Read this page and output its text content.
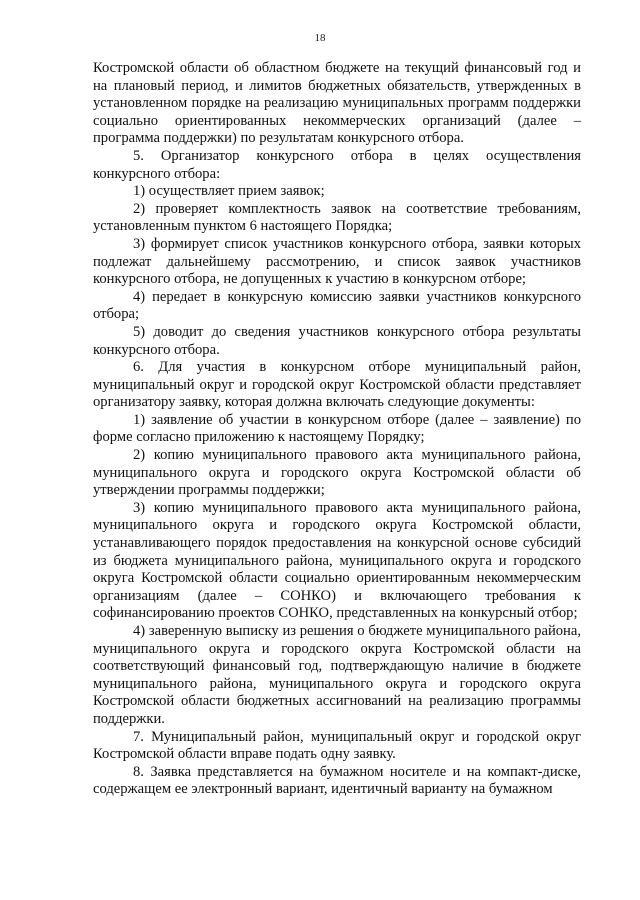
18

Костромской области об областном бюджете на текущий финансовый год и на плановый период, и лимитов бюджетных обязательств, утвержденных в установленном порядке на реализацию муниципальных программ поддержки социально ориентированных некоммерческих организаций (далее – программа поддержки) по результатам конкурсного отбора.

5. Организатор конкурсного отбора в целях осуществления конкурсного отбора:

1) осуществляет прием заявок;

2) проверяет комплектность заявок на соответствие требованиям, установленным пунктом 6 настоящего Порядка;

3) формирует список участников конкурсного отбора, заявки которых подлежат дальнейшему рассмотрению, и список заявок участников конкурсного отбора, не допущенных к участию в конкурсном отборе;

4) передает в конкурсную комиссию заявки участников конкурсного отбора;

5) доводит до сведения участников конкурсного отбора результаты конкурсного отбора.

6. Для участия в конкурсном отборе муниципальный район, муниципальный округ и городской округ Костромской области представляет организатору заявку, которая должна включать следующие документы:

1) заявление об участии в конкурсном отборе (далее – заявление) по форме согласно приложению к настоящему Порядку;

2) копию муниципального правового акта муниципального района, муниципального округа и городского округа Костромской области об утверждении программы поддержки;

3) копию муниципального правового акта муниципального района, муниципального округа и городского округа Костромской области, устанавливающего порядок предоставления на конкурсной основе субсидий из бюджета муниципального района, муниципального округа и городского округа Костромской области социально ориентированным некоммерческим организациям (далее – СОНКО) и включающего требования к софинансированию проектов СОНКО, представленных на конкурсный отбор;

4) заверенную выписку из решения о бюджете муниципального района, муниципального округа и городского округа Костромской области на соответствующий финансовый год, подтверждающую наличие в бюджете муниципального района, муниципального округа и городского округа Костромской области бюджетных ассигнований на реализацию программы поддержки.

7. Муниципальный район, муниципальный округ и городской округ Костромской области вправе подать одну заявку.

8. Заявка представляется на бумажном носителе и на компакт-диске, содержащем ее электронный вариант, идентичный варианту на бумажном
